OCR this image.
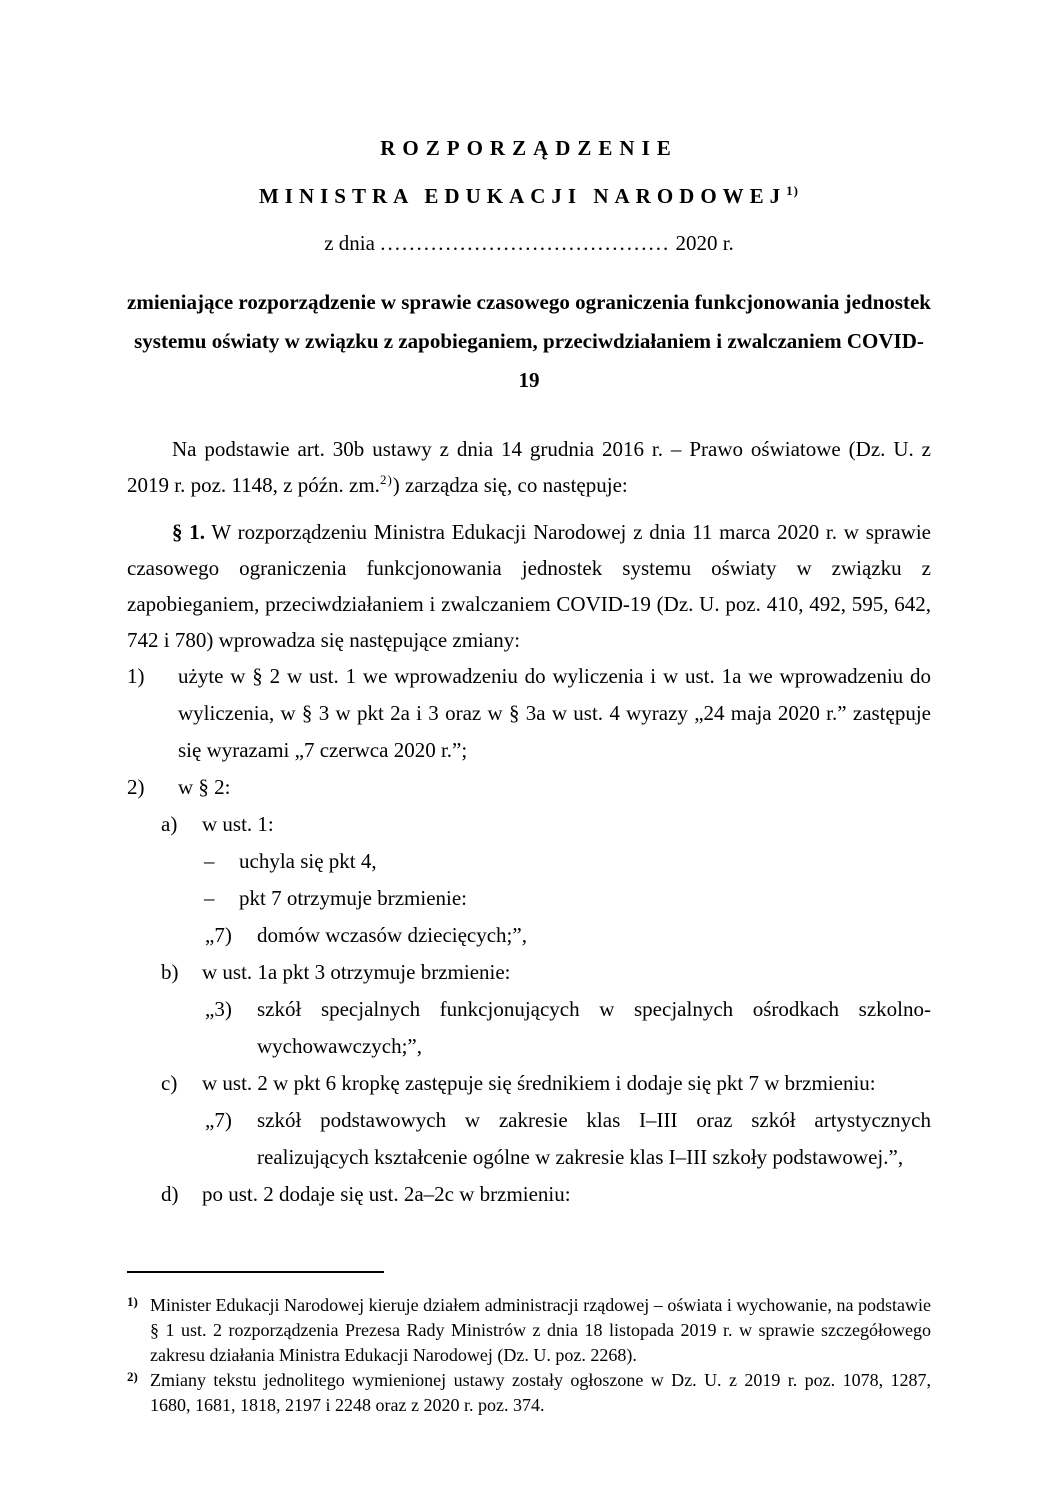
ROZPORZĄDZENIE
MINISTRA EDUKACJI NARODOWEJ$^{1)}$
z dnia ........................................ 2020 r.
zmieniające rozporządzenie w sprawie czasowego ograniczenia funkcjonowania jednostek systemu oświaty w związku z zapobieganiem, przeciwdziałaniem i zwalczaniem COVID-19

Na podstawie art. 30b ustawy z dnia 14 grudnia 2016 r. – Prawo oświatowe (Dz. U. z 2019 r. poz. 1148, z późn. zm.$^{2)}$) zarządza się, co następuje:

§ 1. W rozporządzeniu Ministra Edukacji Narodowej z dnia 11 marca 2020 r. w sprawie czasowego ograniczenia funkcjonowania jednostek systemu oświaty w związku z zapobieganiem, przeciwdziałaniem i zwalczaniem COVID-19 (Dz. U. poz. 410, 492, 595, 642, 742 i 780) wprowadza się następujące zmiany:

1)	użyte w § 2 w ust. 1 we wprowadzeniu do wyliczenia i w ust. 1a we wprowadzeniu do wyliczenia, w § 3 w pkt 2a i 3 oraz w § 3a w ust. 4 wyrazy „24 maja 2020 r.” zastępuje się wyrazami „7 czerwca 2020 r.”;
2)	w § 2:
a)	w ust. 1:
–	uchyla się pkt 4,
–	pkt 7 otrzymuje brzmienie:
„7)	domów wczasów dziecięcych;”,
b)	w ust. 1a pkt 3 otrzymuje brzmienie:
„3)	szkół specjalnych funkcjonujących w specjalnych ośrodkach szkolno-wychowawczych;”,
c)	w ust. 2 w pkt 6 kropkę zastępuje się średnikiem i dodaje się pkt 7 w brzmieniu:
„7)	szkół podstawowych w zakresie klas I–III oraz szkół artystycznych realizujących kształcenie ogólne w zakresie klas I–III szkoły podstawowej.”,
d)	po ust. 2 dodaje się ust. 2a–2c w brzmieniu:
1) Minister Edukacji Narodowej kieruje działem administracji rządowej – oświata i wychowanie, na podstawie § 1 ust. 2 rozporządzenia Prezesa Rady Ministrów z dnia 18 listopada 2019 r. w sprawie szczegółowego zakresu działania Ministra Edukacji Narodowej (Dz. U. poz. 2268).
2) Zmiany tekstu jednolitego wymienionej ustawy zostały ogłoszone w Dz. U. z 2019 r. poz. 1078, 1287, 1680, 1681, 1818, 2197 i 2248 oraz z 2020 r. poz. 374.
